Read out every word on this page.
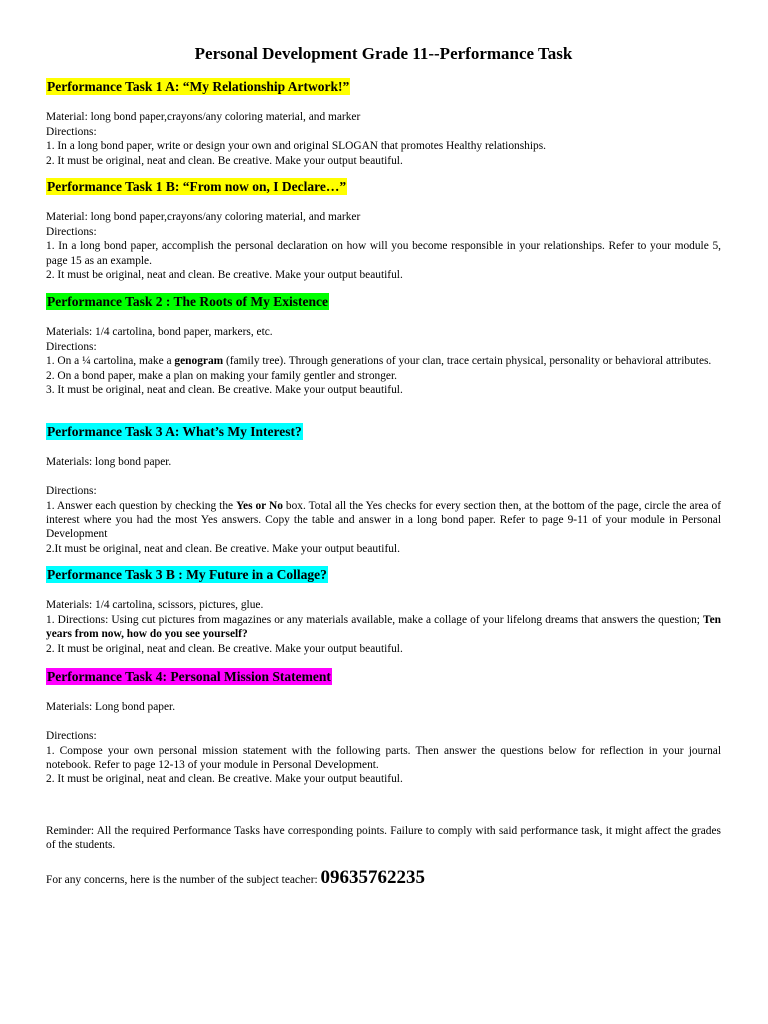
Personal Development Grade 11--Performance Task
Performance Task 1 A: “My Relationship Artwork!”

Material: long bond paper,crayons/any coloring material, and marker

Directions:

1. In a long bond paper, write or design your own and original SLOGAN that promotes Healthy relationships.

2. It must be original, neat and clean. Be creative. Make your output beautiful.

Performance Task 1 B: “From now on, I Declare…”

Material: long bond paper,crayons/any coloring material, and marker

Directions:

1. In a long bond paper, accomplish the personal declaration on how will you become responsible in your relationships. Refer to your module 5, page 15 as an example.

2. It must be original, neat and clean. Be creative. Make your output beautiful.

Performance Task 2 : The Roots of My Existence

Materials: 1/4 cartolina, bond paper, markers, etc.

Directions:

1. On a ¼ cartolina, make a genogram (family tree). Through generations of your clan, trace certain physical, personality or behavioral attributes.

2. On a bond paper, make a plan on making your family gentler and stronger.

3. It must be original, neat and clean. Be creative. Make your output beautiful.

Performance Task 3 A: What’s My Interest?

Materials: long bond paper.

Directions:

1. Answer each question by checking the Yes or No box. Total all the Yes checks for every section then, at the bottom of the page, circle the area of interest where you had the most Yes answers. Copy the table and answer in a long bond paper. Refer to page 9-11 of your module in Personal Development

2.It must be original, neat and clean. Be creative. Make your output beautiful.

Performance Task 3 B : My Future in a Collage?

Materials: 1/4 cartolina, scissors, pictures, glue.

1. Directions: Using cut pictures from magazines or any materials available, make a collage of your lifelong dreams that answers the question; Ten years from now, how do you see yourself?

2. It must be original, neat and clean. Be creative. Make your output beautiful.

Performance Task 4: Personal Mission Statement

Materials: Long bond paper.

Directions:

1. Compose your own personal mission statement with the following parts. Then answer the questions below for reflection in your journal notebook. Refer to page 12-13 of your module in Personal Development.

2. It must be original, neat and clean. Be creative. Make your output beautiful.

Reminder: All the required Performance Tasks have corresponding points. Failure to comply with said performance task, it might affect the grades of the students.

For any concerns, here is the number of the subject teacher: 09635762235
